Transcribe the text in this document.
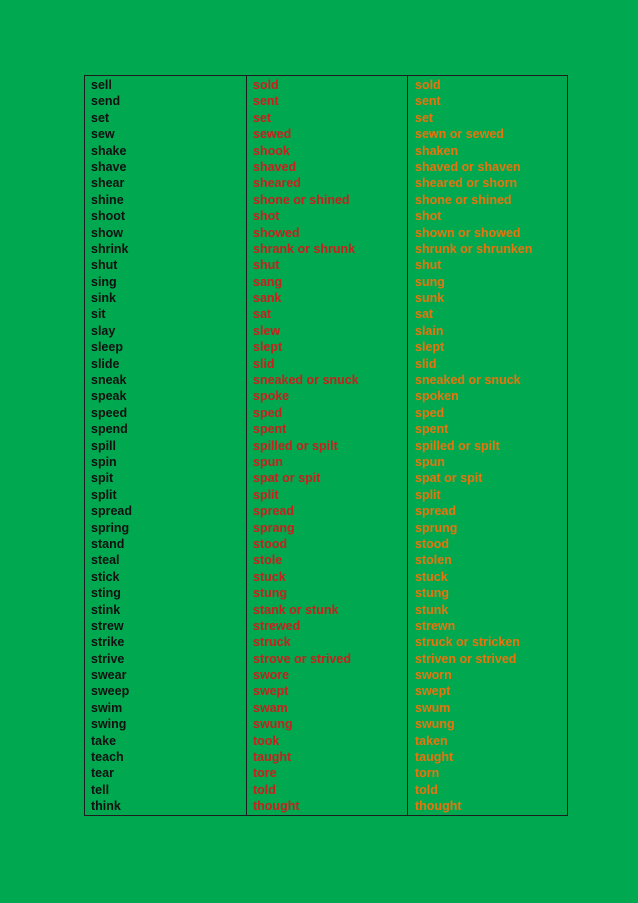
sell
send
set
sew
shake
shave
shear
shine
shoot
show
shrink
shut
sing
sink
sit
slay
sleep
slide
sneak
speak
speed
spend
spill
spin
spit
split
spread
spring
stand
steal
stick
sting
stink
strew
strike
strive
swear
sweep
swim
swing
take
teach
tear
tell
think
sold
sent
set
sewed
shook
shaved
sheared
shone or shined
shot
showed
shrank or shrunk
shut
sang
sank
sat
slew
slept
slid
sneaked or snuck
spoke
sped
spent
spilled or spilt
spun
spat or spit
split
spread
sprang
stood
stole
stuck
stung
stank or stunk
strewed
struck
strove or strived
swore
swept
swam
swung
took
taught
tore
told
thought
sold
sent
set
sewn or sewed
shaken
shaved or shaven
sheared or shorn
shone or shined
shot
shown or showed
shrunk or shrunken
shut
sung
sunk
sat
slain
slept
slid
sneaked or snuck
spoken
sped
spent
spilled or spilt
spun
spat or spit
split
spread
sprung
stood
stolen
stuck
stung
stunk
strewn
struck or stricken
striven or strived
sworn
swept
swum
swung
taken
taught
torn
told
thought
